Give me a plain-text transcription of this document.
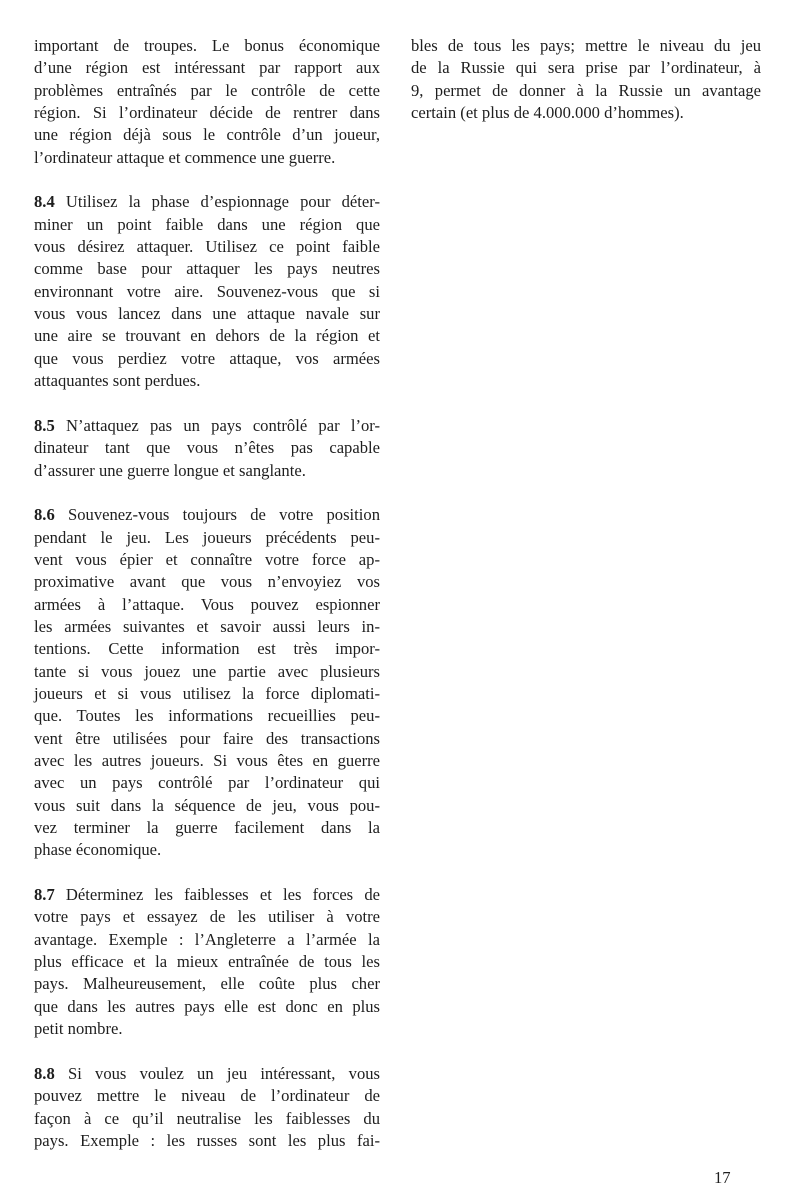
important de troupes. Le bonus économique
d’une région est intéressant par rapport aux
problèmes entraînés par le contrôle de cette
région. Si l’ordinateur décide de rentrer dans
une région déjà sous le contrôle d’un joueur,
l’ordinateur attaque et commence une guerre.

8.4 Utilisez la phase d’espionnage pour déter-
miner un point faible dans une région que
vous désirez attaquer. Utilisez ce point faible
comme base pour attaquer les pays neutres
environnant votre aire. Souvenez-vous que si
vous vous lancez dans une attaque navale sur
une aire se trouvant en dehors de la région et
que vous perdiez votre attaque, vos armées
attaquantes sont perdues.

8.5 N’attaquez pas un pays contrôlé par l’or-
dinateur tant que vous n’êtes pas capable
d’assurer une guerre longue et sanglante.

8.6 Souvenez-vous toujours de votre position
pendant le jeu. Les joueurs précédents peu-
vent vous épier et connaître votre force ap-
proximative avant que vous n’envoyiez vos
armées à l’attaque. Vous pouvez espionner
les armées suivantes et savoir aussi leurs in-
tentions. Cette information est très impor-
tante si vous jouez une partie avec plusieurs
joueurs et si vous utilisez la force diplomati-
que. Toutes les informations recueillies peu-
vent être utilisées pour faire des transactions
avec les autres joueurs. Si vous êtes en guerre
avec un pays contrôlé par l’ordinateur qui
vous suit dans la séquence de jeu, vous pou-
vez terminer la guerre facilement dans la
phase économique.

8.7 Déterminez les faiblesses et les forces de
votre pays et essayez de les utiliser à votre
avantage. Exemple : l’Angleterre a l’armée la
plus efficace et la mieux entraînée de tous les
pays. Malheureusement, elle coûte plus cher
que dans les autres pays elle est donc en plus
petit nombre.

8.8 Si vous voulez un jeu intéressant, vous
pouvez mettre le niveau de l’ordinateur de
façon à ce qu’il neutralise les faiblesses du
pays. Exemple : les russes sont les plus fai-

bles de tous les pays; mettre le niveau du jeu
de la Russie qui sera prise par l’ordinateur, à
9, permet de donner à la Russie un avantage
certain (et plus de 4.000.000 d’hommes).

17
